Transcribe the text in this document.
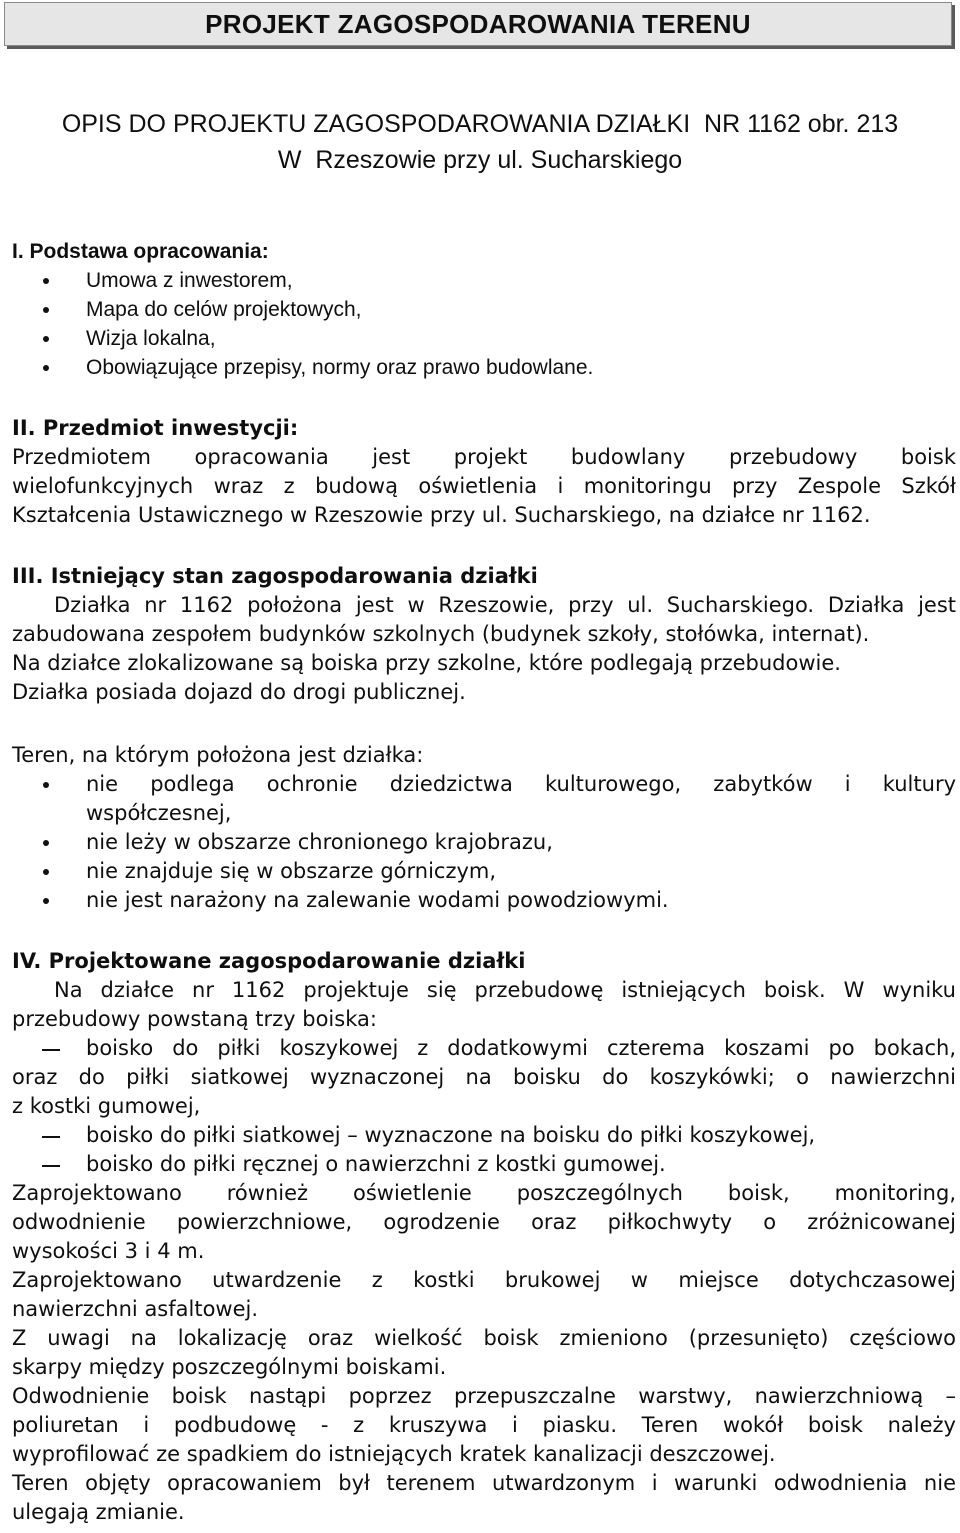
PROJEKT ZAGOSPODAROWANIA TERENU
OPIS DO PROJEKTU ZAGOSPODAROWANIA DZIAŁKI  NR 1162 obr. 213
W  Rzeszowie przy ul. Sucharskiego
I. Podstawa opracowania:
Umowa z inwestorem,
Mapa do celów projektowych,
Wizja lokalna,
Obowiązujące przepisy, normy oraz prawo budowlane.
II. Przedmiot inwestycji:

Przedmiotem opracowania jest projekt budowlany przebudowy boisk

wielofunkcyjnych wraz z budową oświetlenia i monitoringu przy Zespole Szkół

Kształcenia Ustawicznego w Rzeszowie przy ul. Sucharskiego, na działce nr 1162.

III. Istniejący stan zagospodarowania działki

Działka nr 1162 położona jest w Rzeszowie, przy ul. Sucharskiego. Działka jest

zabudowana zespołem budynków szkolnych (budynek szkoły, stołówka, internat).

Na działce zlokalizowane są boiska przy szkolne, które podlegają przebudowie.

Działka posiada dojazd do drogi publicznej.

Teren, na którym położona jest działka:

nie podlega ochronie dziedzictwa kulturowego, zabytków i kultury
współczesnej,
nie leży w obszarze chronionego krajobrazu,
nie znajduje się w obszarze górniczym,
nie jest narażony na zalewanie wodami powodziowymi.
IV. Projektowane zagospodarowanie działki

Na działce nr 1162 projektuje się przebudowę istniejących boisk. W wyniku

przebudowy powstaną trzy boiska:

boisko do piłki koszykowej z dodatkowymi czterema koszami po bokach,

oraz do piłki siatkowej wyznaczonej na boisku do koszykówki; o nawierzchni

z kostki gumowej,

boisko do piłki siatkowej – wyznaczone na boisku do piłki koszykowej,
boisko do piłki ręcznej o nawierzchni z kostki gumowej.

Zaprojektowano również oświetlenie poszczególnych boisk, monitoring,

odwodnienie powierzchniowe, ogrodzenie oraz piłkochwyty o zróżnicowanej

wysokości 3 i 4 m.

Zaprojektowano utwardzenie z kostki brukowej w miejsce dotychczasowej

nawierzchni asfaltowej.

Z uwagi na lokalizację oraz wielkość boisk zmieniono (przesunięto) częściowo

skarpy między poszczególnymi boiskami.

Odwodnienie boisk nastąpi poprzez przepuszczalne warstwy, nawierzchniową –

poliuretan i podbudowę - z kruszywa i piasku. Teren wokół boisk należy

wyprofilować ze spadkiem do istniejących kratek kanalizacji deszczowej.

Teren objęty opracowaniem był terenem utwardzonym i warunki odwodnienia nie

ulegają zmianie.
